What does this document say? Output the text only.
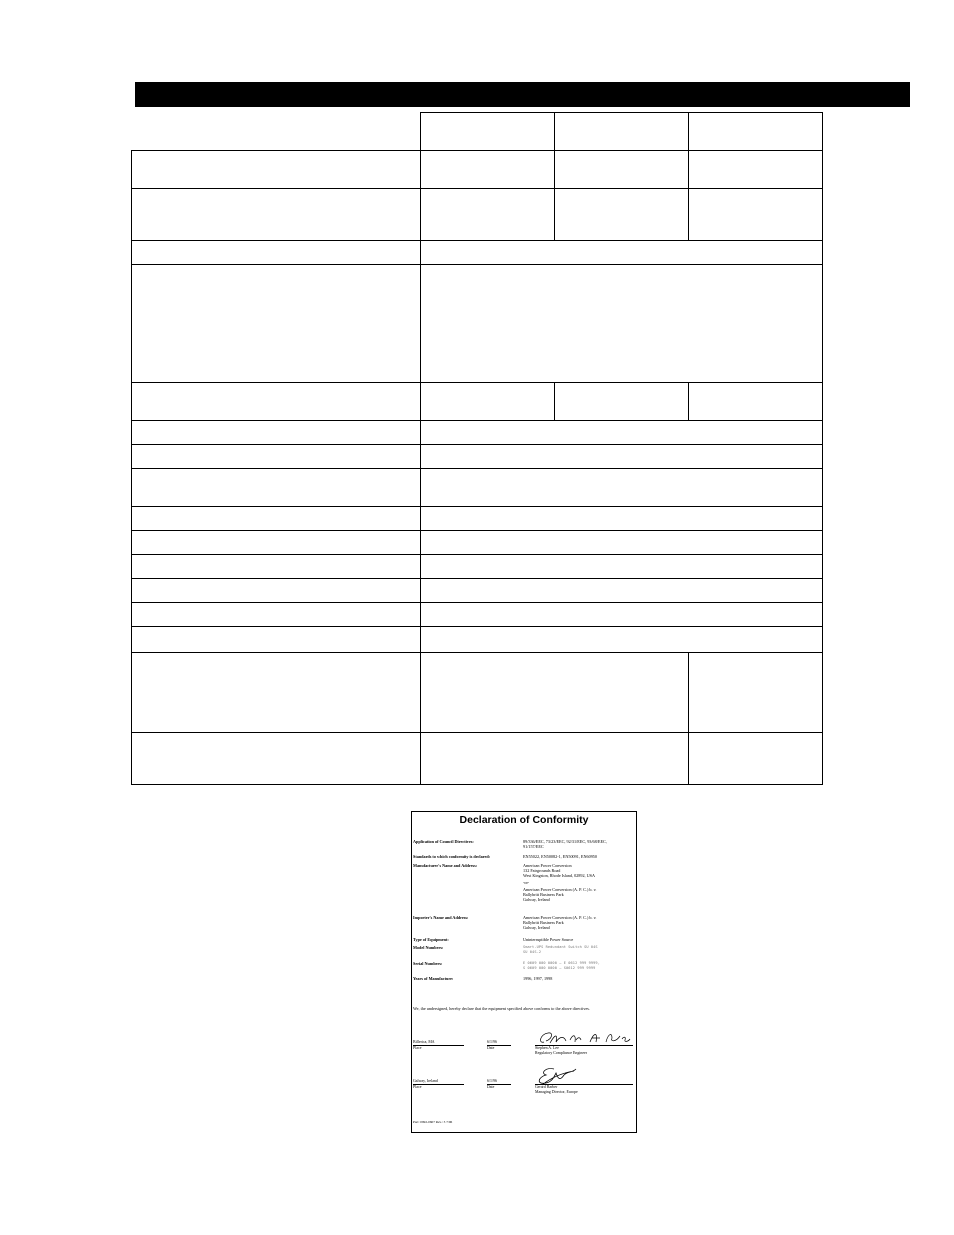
Declaration of Conformity
Application of Council Directives:	89/336/EEC, 73/23/EEC, 92/31/EEC, 93/68/EEC,
91/157/EEC
Standards to which conformity is declared:	EN55022, EN50082-1, EN50091, EN60950
Manufacturer's Name and Address:	American Power Conversion
132 Fairgrounds Road
West Kingston, Rhode Island, 02892, USA
-or-
American Power Conversion (A. P. C.) b. v.
Ballybritt Business Park
Galway, Ireland
Importer's Name and Address:	American Power Conversion (A. P. C.) b. v.
Ballybritt Business Park
Galway, Ireland
Type of Equipment:	Uninterruptible Power Source
Model Numbers:	Smart-UPS Redundant Switch SU 04S
SU 04S-2
Serial Numbers:	E 0609 000 0000 — E 0612 999 9999,
S 0609 000 0000 — S0612 999 9999
Years of Manufacture:	1996, 1997, 1998
We, the undersigned, hereby declare that the equipment specified above conforms to the above directives.
Billerica, MA
Place
6/1/96
Date	Stephen A. Lee
Regulatory Compliance Engineer
Galway, Ireland
Place
6/1/96
Date	Gerard Barber
Managing Director, Europe
Part: 0992-0607 Rev.: 3 7/96
